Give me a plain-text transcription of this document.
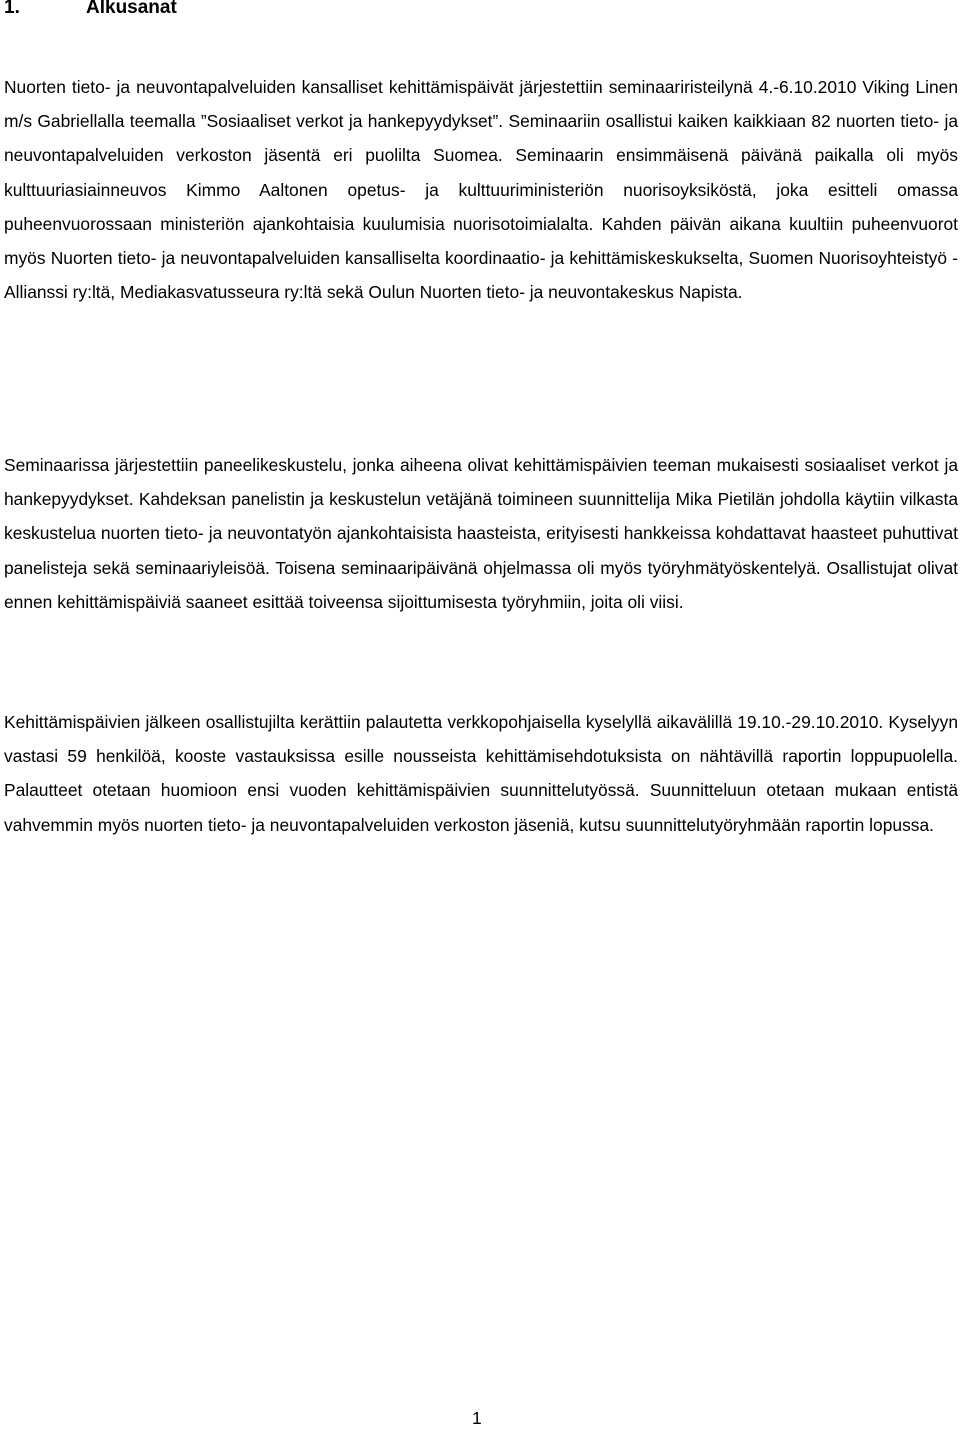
1.	Alkusanat

Nuorten tieto- ja neuvontapalveluiden kansalliset kehittämispäivät järjestettiin seminaariristeilynä 4.-6.10.2010 Viking Linen m/s Gabriellalla teemalla ”Sosiaaliset verkot ja hankepyydykset”. Seminaariin osallistui kaiken kaikkiaan 82 nuorten tieto- ja neuvontapalveluiden verkoston jäsentä eri puolilta Suomea. Seminaarin ensimmäisenä päivänä paikalla oli myös kulttuuriasiainneuvos Kimmo Aaltonen opetus- ja kulttuuriministeriön nuorisoyksiköstä, joka esitteli omassa puheenvuorossaan ministeriön ajankohtaisia kuulumisia nuorisotoimialalta. Kahden päivän aikana kuultiin puheenvuorot myös Nuorten tieto- ja neuvontapalveluiden kansalliselta koordinaatio- ja kehittämiskeskukselta, Suomen Nuorisoyhteistyö - Allianssi ry:ltä, Mediakasvatusseura ry:ltä sekä Oulun Nuorten tieto- ja neuvontakeskus Napista.

Seminaarissa järjestettiin paneelikeskustelu, jonka aiheena olivat kehittämispäivien teeman mukaisesti sosiaaliset verkot ja hankepyydykset. Kahdeksan panelistin ja keskustelun vetäjänä toimineen suunnittelija Mika Pietilän johdolla käytiin vilkasta keskustelua nuorten tieto- ja neuvontatyön ajankohtaisista haasteista, erityisesti hankkeissa kohdattavat haasteet puhuttivat panelisteja sekä seminaariyleisöä. Toisena seminaaripäivänä ohjelmassa oli myös työryhmätyöskentelyä. Osallistujat olivat ennen kehittämispäiviä saaneet esittää toiveensa sijoittumisesta työryhmiin, joita oli viisi.

Kehittämispäivien jälkeen osallistujilta kerättiin palautetta verkkopohjaisella kyselyllä aikavälillä 19.10.-29.10.2010. Kyselyyn vastasi 59 henkilöä, kooste vastauksissa esille nousseista kehittämisehdotuksista on nähtävillä raportin loppupuolella. Palautteet otetaan huomioon ensi vuoden kehittämispäivien suunnittelutyössä. Suunnitteluun otetaan mukaan entistä vahvemmin myös nuorten tieto- ja neuvontapalveluiden verkoston jäseniä, kutsu suunnittelutyöryhmään raportin lopussa.

1
